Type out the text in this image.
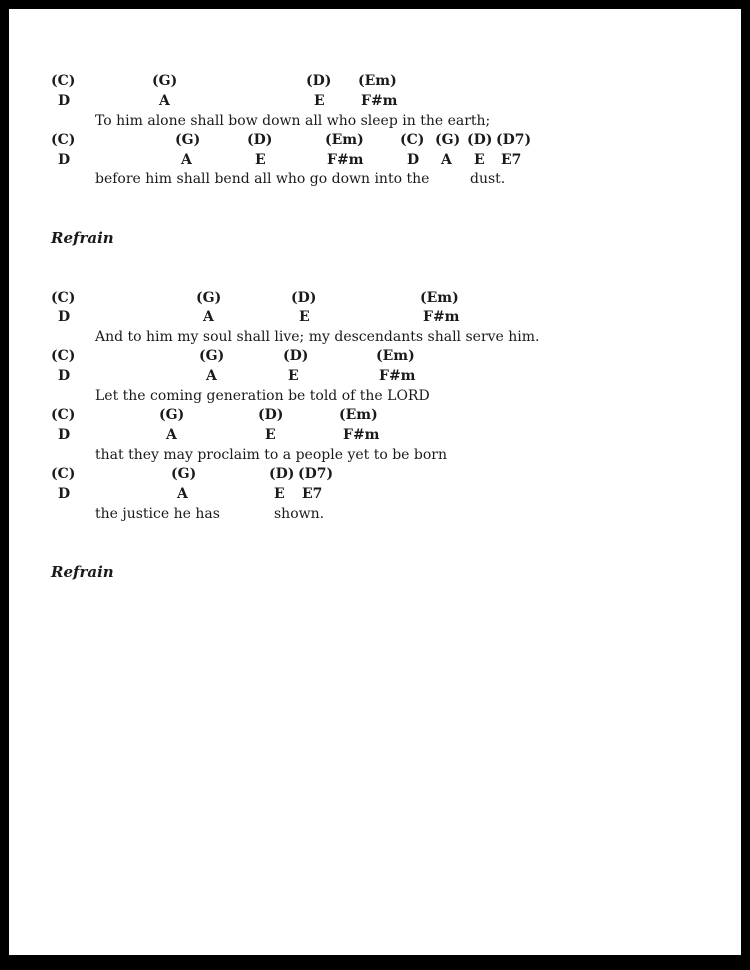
(C)	(G)	(D) (Em)
D	A	E	F#m
To him alone shall bow down all who sleep in the earth;
(C)	(G)	(D)	(Em)	(C) (G) (D) (D7)
D	A	E	F#m	D A E E7
before him shall bend all who go down into the	dust.
Refrain
(C)	(G)	(D)	(Em)
D	A	E	F#m
And to him my soul shall live; my descendants shall serve him.
(C)	(G)	(D)	(Em)
D	A	E	F#m
Let the coming generation be told of the LORD
(C)	(G)	(D)	(Em)
D	A	E	F#m
that they may proclaim to a people yet to be born
(C)	(G)	(D) (D7)
D	A	E E7
the justice he has	shown.
Refrain
